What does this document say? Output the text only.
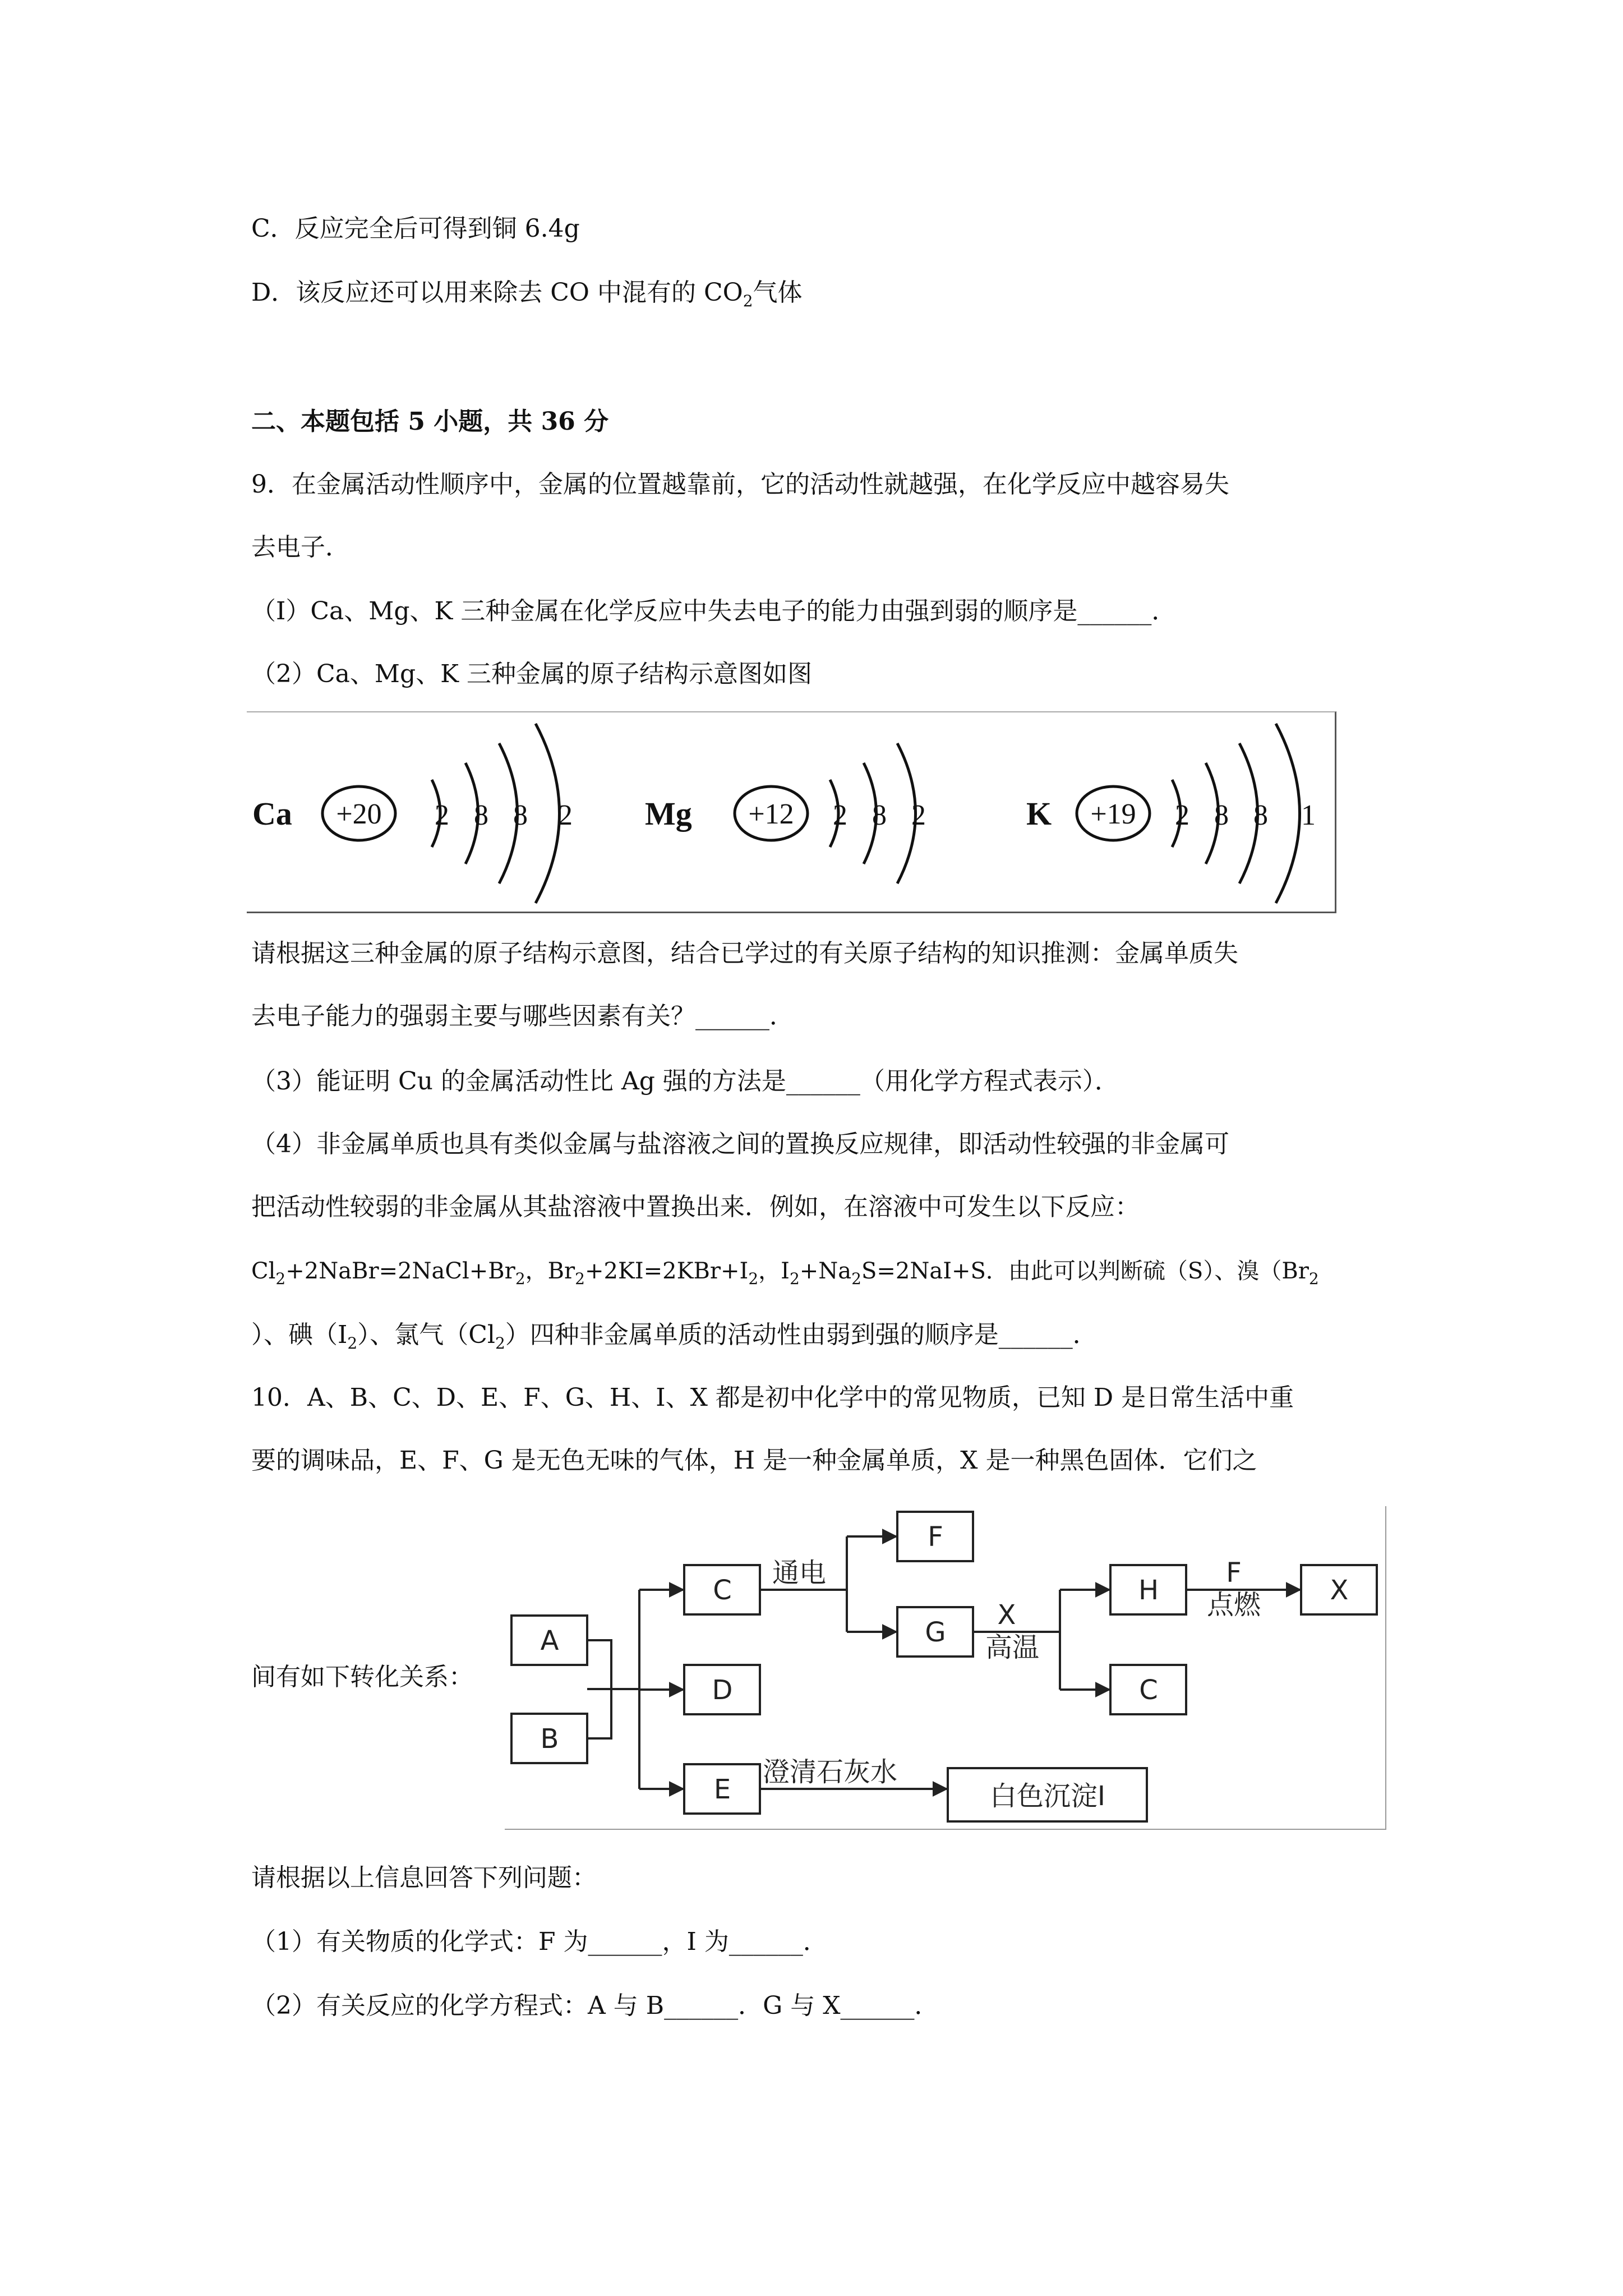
C．反应完全后可得到铜 6.4g
D．该反应还可以用来除去 CO 中混有的 $CO_2$气体
二、本题包括 5 小题，共 36 分
9．在金属活动性顺序中，金属的位置越靠前，它的活动性就越强，在化学反应中越容易失
去电子．
（I）Ca、Mg、K 三种金属在化学反应中失去电子的能力由强到弱的顺序是______．
（2）Ca、Mg、K 三种金属的原子结构示意图如图
Ca +20 2 8 8 2 Mg +12 2 8 2	K +19 2 8 8 1
请根据这三种金属的原子结构示意图，结合已学过的有关原子结构的知识推测：金属单质失
去电子能力的强弱主要与哪些因素有关？______．
（3）能证明 Cu 的金属活动性比 Ag 强的方法是______（用化学方程式表示）．
（4）非金属单质也具有类似金属与盐溶液之间的置换反应规律，即活动性较强的非金属可
把活动性较弱的非金属从其盐溶液中置换出来．例如，在溶液中可发生以下反应：
$Cl_2+2NaBr=2NaCl+Br_2$，$Br_2+2KI=2KBr+I_2$，$I_2+Na_2S=2NaI+S$．由此可以判断硫（S）、溴（$Br_2$
）、碘$(I_2)$、氯气$(Cl_2)$四种非金属单质的活动性由弱到强的顺序是______．
10．A、B、C、D、E、F、G、H、I、X 都是初中化学中的常见物质，已知 D 是日常生活中重
要的调味品，E、F、G 是无色无味的气体，H 是一种金属单质，X 是一种黑色固体．它们之
间有如下转化关系：
A
B
C
D
E
F
G
H	X
C
白色沉淀Ⅰ
通电
澄清石灰水
X
高温
F
点燃
请根据以上信息回答下列问题：
（1）有关物质的化学式：F 为______，I 为______．
（2）有关反应的化学方程式：A 与 B______．G 与 X______．
